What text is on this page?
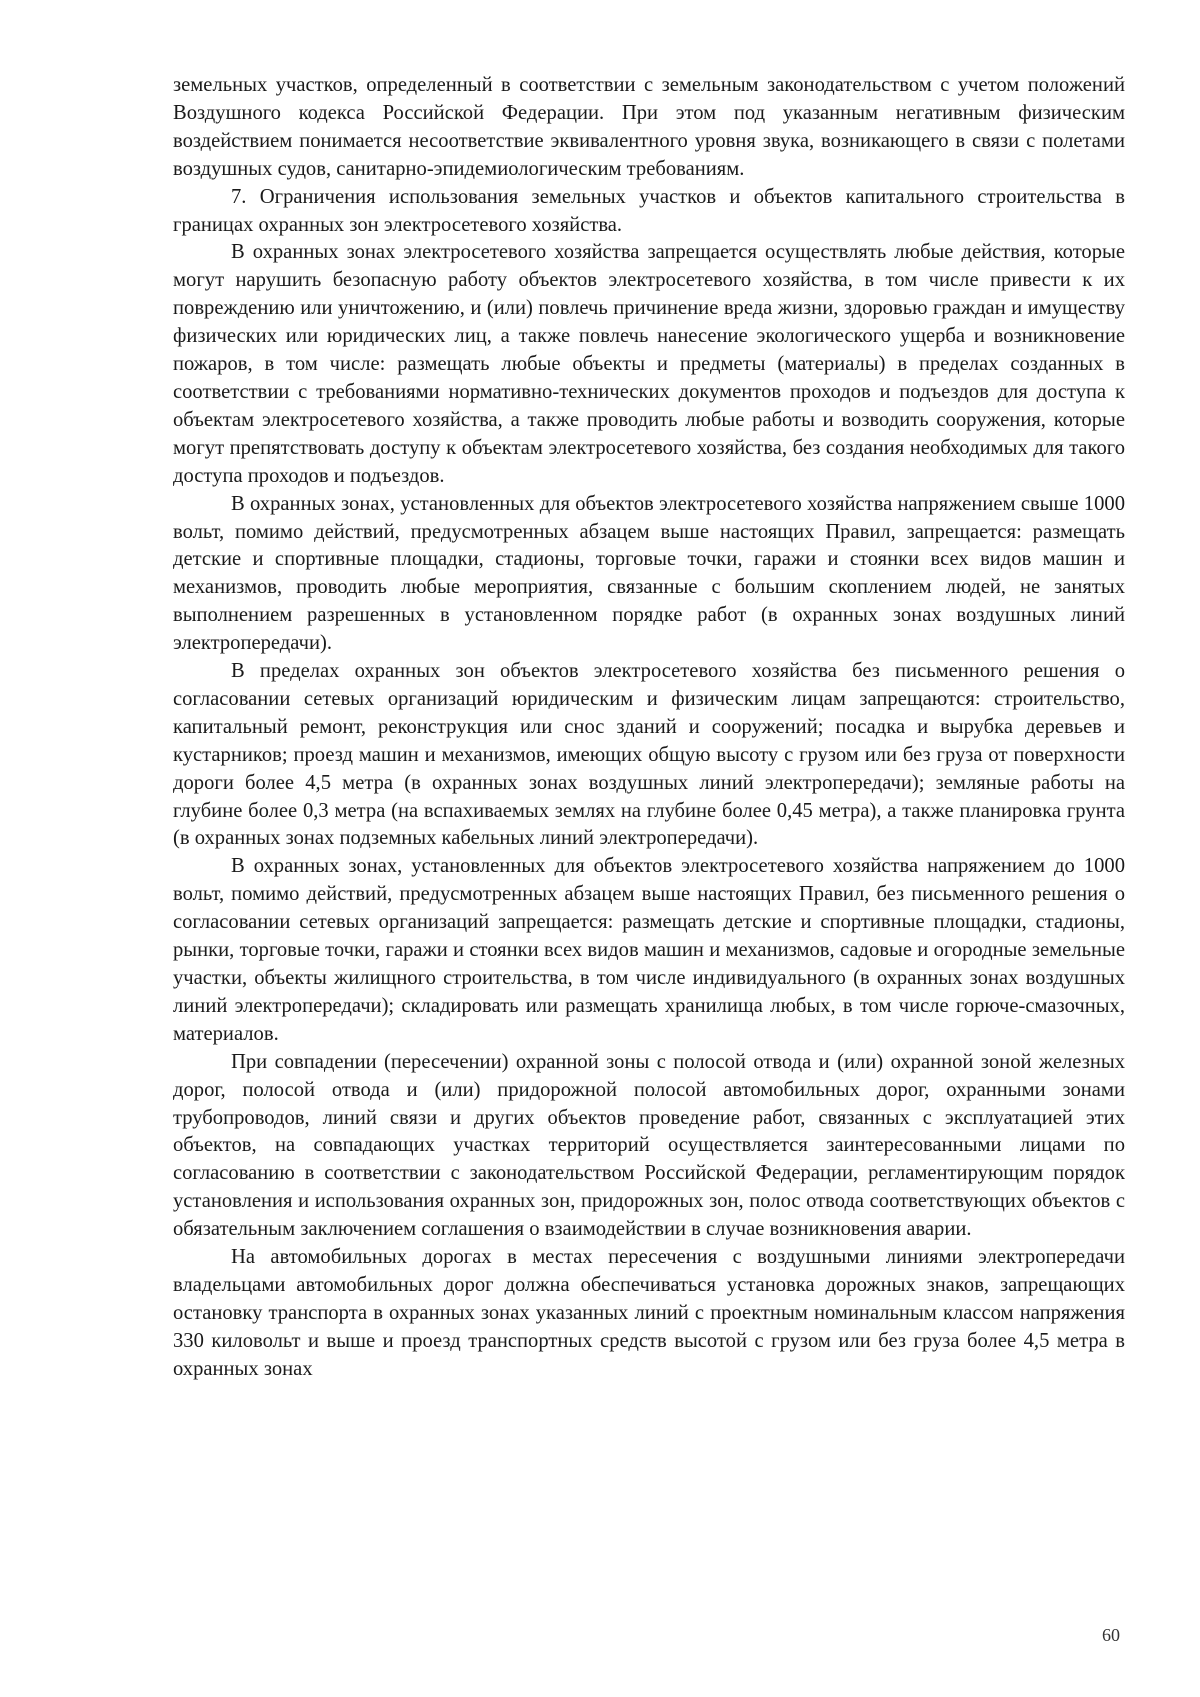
земельных участков, определенный в соответствии с земельным законодательством с учетом положений Воздушного кодекса Российской Федерации. При этом под указанным негативным физическим воздействием понимается несоответствие эквивалентного уровня звука, возникающего в связи с полетами воздушных судов, санитарно-эпидемиологическим требованиям.

7. Ограничения использования земельных участков и объектов капитального строительства в границах охранных зон электросетевого хозяйства.

В охранных зонах электросетевого хозяйства запрещается осуществлять любые действия, которые могут нарушить безопасную работу объектов электросетевого хозяйства, в том числе привести к их повреждению или уничтожению, и (или) повлечь причинение вреда жизни, здоровью граждан и имуществу физических или юридических лиц, а также повлечь нанесение экологического ущерба и возникновение пожаров, в том числе: размещать любые объекты и предметы (материалы) в пределах созданных в соответствии с требованиями нормативно-технических документов проходов и подъездов для доступа к объектам электросетевого хозяйства, а также проводить любые работы и возводить сооружения, которые могут препятствовать доступу к объектам электросетевого хозяйства, без создания необходимых для такого доступа проходов и подъездов.

В охранных зонах, установленных для объектов электросетевого хозяйства напряжением свыше 1000 вольт, помимо действий, предусмотренных абзацем выше настоящих Правил, запрещается: размещать детские и спортивные площадки, стадионы, торговые точки, гаражи и стоянки всех видов машин и механизмов, проводить любые мероприятия, связанные с большим скоплением людей, не занятых выполнением разрешенных в установленном порядке работ (в охранных зонах воздушных линий электропередачи).

В пределах охранных зон объектов электросетевого хозяйства без письменного решения о согласовании сетевых организаций юридическим и физическим лицам запрещаются: строительство, капитальный ремонт, реконструкция или снос зданий и сооружений; посадка и вырубка деревьев и кустарников; проезд машин и механизмов, имеющих общую высоту с грузом или без груза от поверхности дороги более 4,5 метра (в охранных зонах воздушных линий электропередачи); земляные работы на глубине более 0,3 метра (на вспахиваемых землях на глубине более 0,45 метра), а также планировка грунта (в охранных зонах подземных кабельных линий электропередачи).

В охранных зонах, установленных для объектов электросетевого хозяйства напряжением до 1000 вольт, помимо действий, предусмотренных абзацем выше настоящих Правил, без письменного решения о согласовании сетевых организаций запрещается: размещать детские и спортивные площадки, стадионы, рынки, торговые точки, гаражи и стоянки всех видов машин и механизмов, садовые и огородные земельные участки, объекты жилищного строительства, в том числе индивидуального (в охранных зонах воздушных линий электропередачи); складировать или размещать хранилища любых, в том числе горюче-смазочных, материалов.

При совпадении (пересечении) охранной зоны с полосой отвода и (или) охранной зоной железных дорог, полосой отвода и (или) придорожной полосой автомобильных дорог, охранными зонами трубопроводов, линий связи и других объектов проведение работ, связанных с эксплуатацией этих объектов, на совпадающих участках территорий осуществляется заинтересованными лицами по согласованию в соответствии с законодательством Российской Федерации, регламентирующим порядок установления и использования охранных зон, придорожных зон, полос отвода соответствующих объектов с обязательным заключением соглашения о взаимодействии в случае возникновения аварии.

На автомобильных дорогах в местах пересечения с воздушными линиями электропередачи владельцами автомобильных дорог должна обеспечиваться установка дорожных знаков, запрещающих остановку транспорта в охранных зонах указанных линий с проектным номинальным классом напряжения 330 киловольт и выше и проезд транспортных средств высотой с грузом или без груза более 4,5 метра в охранных зонах

60
